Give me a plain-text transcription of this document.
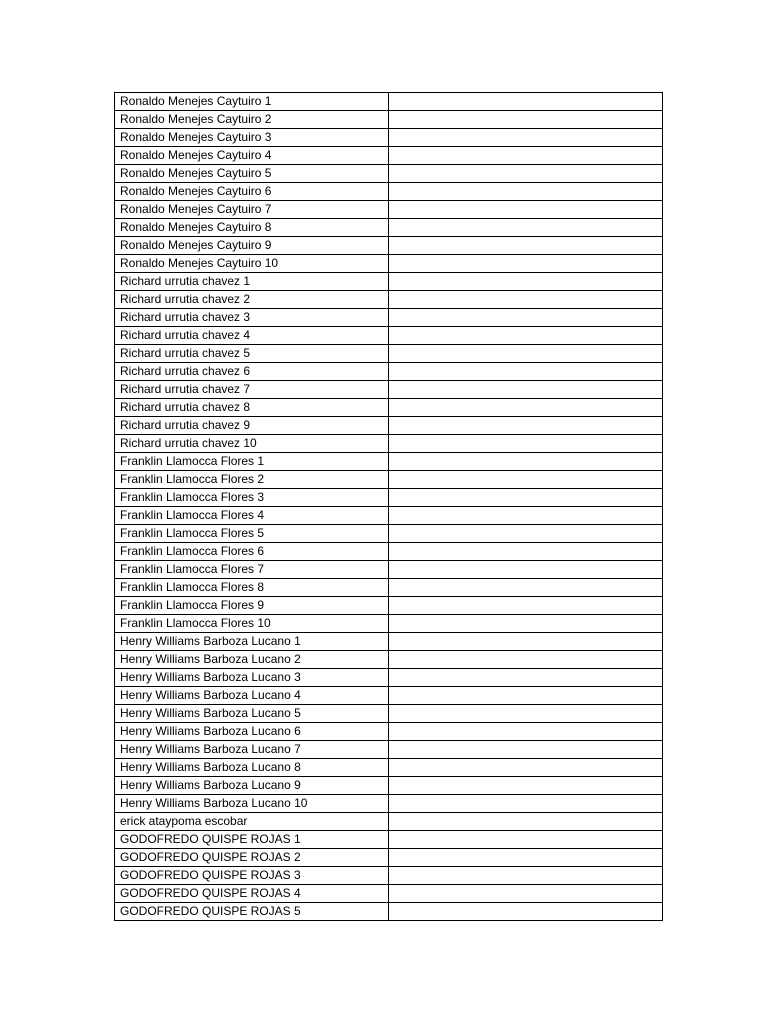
Ronaldo Menejes Caytuiro 1	
Ronaldo Menejes Caytuiro 2	
Ronaldo Menejes Caytuiro 3	
Ronaldo Menejes Caytuiro 4	
Ronaldo Menejes Caytuiro 5	
Ronaldo Menejes Caytuiro 6	
Ronaldo Menejes Caytuiro 7	
Ronaldo Menejes Caytuiro 8	
Ronaldo Menejes Caytuiro 9	
Ronaldo Menejes Caytuiro 10	
Richard urrutia chavez 1	
Richard urrutia chavez 2	
Richard urrutia chavez 3	
Richard urrutia chavez 4	
Richard urrutia chavez 5	
Richard urrutia chavez 6	
Richard urrutia chavez 7	
Richard urrutia chavez 8	
Richard urrutia chavez 9	
Richard urrutia chavez 10	
Franklin Llamocca Flores 1	
Franklin Llamocca Flores 2	
Franklin Llamocca Flores 3	
Franklin Llamocca Flores 4	
Franklin Llamocca Flores 5	
Franklin Llamocca Flores 6	
Franklin Llamocca Flores 7	
Franklin Llamocca Flores 8	
Franklin Llamocca Flores 9	
Franklin Llamocca Flores 10	
Henry Williams Barboza Lucano 1	
Henry Williams Barboza Lucano 2	
Henry Williams Barboza Lucano 3	
Henry Williams Barboza Lucano 4	
Henry Williams Barboza Lucano 5	
Henry Williams Barboza Lucano 6	
Henry Williams Barboza Lucano 7	
Henry Williams Barboza Lucano 8	
Henry Williams Barboza Lucano 9	
Henry Williams Barboza Lucano 10	
erick ataypoma escobar	
GODOFREDO QUISPE ROJAS 1	
GODOFREDO QUISPE ROJAS 2	
GODOFREDO QUISPE ROJAS 3	
GODOFREDO QUISPE ROJAS 4	
GODOFREDO QUISPE ROJAS 5	
